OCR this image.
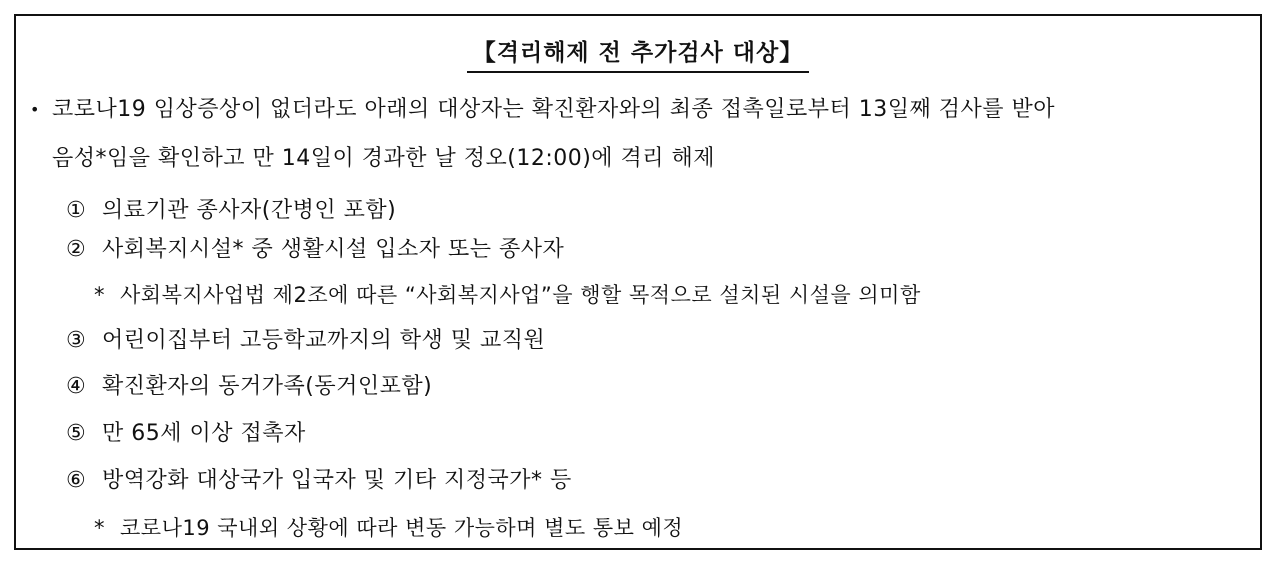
【격리해제 전 추가검사 대상】
• 코로나19 임상증상이 없더라도 아래의 대상자는 확진환자와의 최종 접촉일로부터 13일째 검사를 받아
음성*임을 확인하고 만 14일이 경과한 날 정오(12:00)에 격리 해제
① 의료기관 종사자(간병인 포함)
② 사회복지시설* 중 생활시설 입소자 또는 종사자
* 사회복지사업법 제2조에 따른 “사회복지사업”을 행할 목적으로 설치된 시설을 의미함
③ 어린이집부터 고등학교까지의 학생 및 교직원
④ 확진환자의 동거가족(동거인포함)
⑤ 만 65세 이상 접촉자
⑥ 방역강화 대상국가 입국자 및 기타 지정국가* 등
* 코로나19 국내외 상황에 따라 변동 가능하며 별도 통보 예정
